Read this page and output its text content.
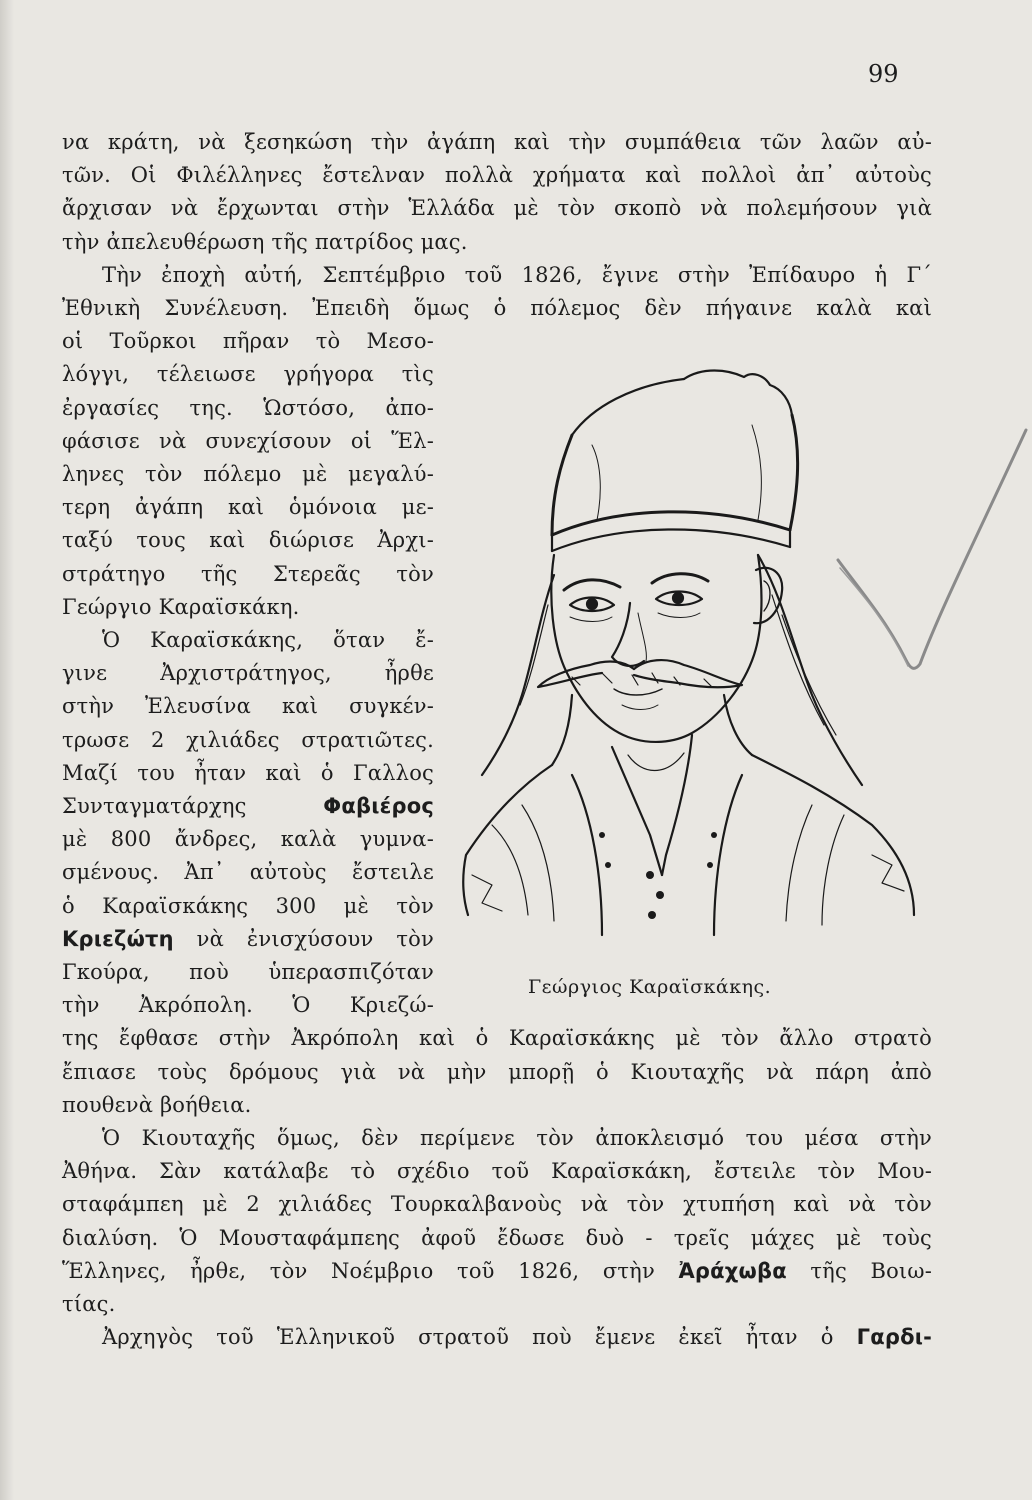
99
να κράτη, νὰ ξεσηκώση τὴν ἀγάπη καὶ τὴν συμπάθεια τῶν λαῶν αὐ-
τῶν. Οἱ Φιλέλληνες ἔστελναν πολλὰ χρήματα καὶ πολλοὶ ἀπ᾽ αὐτοὺς
ἄρχισαν νὰ ἔρχωνται στὴν Ἑλλάδα μὲ τὸν σκοπὸ νὰ πολεμήσουν γιὰ
τὴν ἀπελευθέρωση τῆς πατρίδος μας.
Τὴν ἐποχὴ αὐτή, Σεπτέμβριο τοῦ 1826, ἔγινε στὴν Ἐπίδαυρο ἡ Γ΄
Ἐθνικὴ Συνέλευση. Ἐπειδὴ ὅμως ὁ πόλεμος δὲν πήγαινε καλὰ καὶ
οἱ Τοῦρκοι πῆραν τὸ Μεσο-
λόγγι, τέλειωσε γρήγορα τὶς
ἐργασίες της. Ὡστόσο, ἀπο-
φάσισε νὰ συνεχίσουν οἱ Ἕλ-
ληνες τὸν πόλεμο μὲ μεγαλύ-
τερη ἀγάπη καὶ ὁμόνοια με-
ταξύ τους καὶ διώρισε Ἀρχι-
στράτηγο τῆς Στερεᾶς τὸν
Γεώργιο Καραϊσκάκη.
Ὁ Καραϊσκάκης, ὅταν ἔ-
γινε Ἀρχιστράτηγος, ἦρθε
στὴν Ἐλευσίνα καὶ συγκέν-
τρωσε 2 χιλιάδες στρατιῶτες.
Μαζί του ἦταν καὶ ὁ Γαλλος
Συνταγματάρχης Φαβιέρος
μὲ 800 ἄνδρες, καλὰ γυμνα-
σμένους. Ἀπ᾽ αὐτοὺς ἔστειλε
ὁ Καραϊσκάκης 300 μὲ τὸν
Κριεζώτη νὰ ἐνισχύσουν τὸν
Γκούρα, ποὺ ὑπερασπιζόταν
τὴν Ἀκρόπολη. Ὁ Κριεζώ-
της ἔφθασε στὴν Ἀκρόπολη καὶ ὁ Καραϊσκάκης μὲ τὸν ἄλλο στρατὸ
ἔπιασε τοὺς δρόμους γιὰ νὰ μὴν μπορῇ ὁ Κιουταχῆς νὰ πάρη ἀπὸ
πουθενὰ βοήθεια.
Ὁ Κιουταχῆς ὅμως, δὲν περίμενε τὸν ἀποκλεισμό του μέσα στὴν
Ἀθήνα. Σὰν κατάλαβε τὸ σχέδιο τοῦ Καραϊσκάκη, ἔστειλε τὸν Μου-
σταφάμπεη μὲ 2 χιλιάδες Τουρκαλβανοὺς νὰ τὸν χτυπήση καὶ νὰ τὸν
διαλύση. Ὁ Μουσταφάμπεης ἀφοῦ ἔδωσε δυὸ - τρεῖς μάχες μὲ τοὺς
Ἕλληνες, ἦρθε, τὸν Νοέμβριο τοῦ 1826, στὴν Ἀράχωβα τῆς Βοιω-
τίας.
Ἀρχηγὸς τοῦ Ἑλληνικοῦ στρατοῦ ποὺ ἔμενε ἐκεῖ ἦταν ὁ Γαρδι-
Γεώργιος Καραϊσκάκης.
